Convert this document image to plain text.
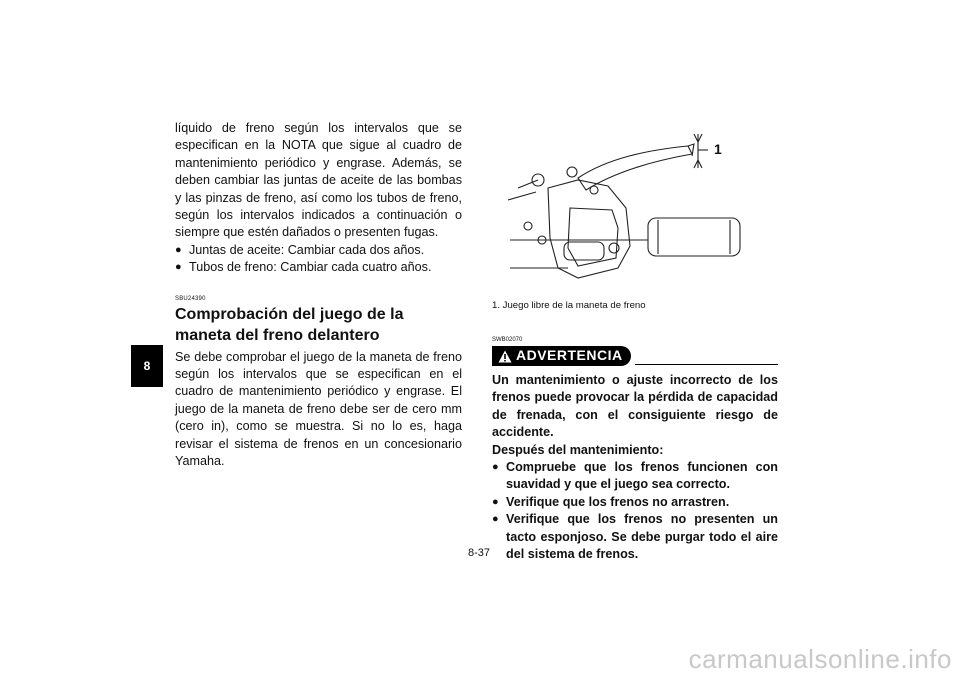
8

líquido de freno según los intervalos que se especifican en la NOTA que sigue al cuadro de mantenimiento periódico y engrase. Además, se deben cambiar las juntas de aceite de las bombas y las pinzas de freno, así como los tubos de freno, según los intervalos indicados a continuación o siempre que estén dañados o presenten fugas.

● Juntas de aceite: Cambiar cada dos años.
● Tubos de freno: Cambiar cada cuatro años.
SBU24390
Comprobación del juego de la maneta del freno delantero

Se debe comprobar el juego de la maneta de freno según los intervalos que se especifican en el cuadro de mantenimiento periódico y engrase. El juego de la maneta de freno debe ser de cero mm (cero in), como se muestra. Si no lo es, haga revisar el sistema de frenos en un concesionario Yamaha.

1

1. Juego libre de la maneta de freno

SWB02070
ADVERTENCIA

Un mantenimiento o ajuste incorrecto de los frenos puede provocar la pérdida de capacidad de frenada, con el consiguiente riesgo de accidente.

Después del mantenimiento:

● Compruebe que los frenos funcionen con suavidad y que el juego sea correcto.
● Verifique que los frenos no arrastren.
● Verifique que los frenos no presenten un tacto esponjoso. Se debe purgar todo el aire del sistema de frenos.
8-37
carmanualsonline.info
